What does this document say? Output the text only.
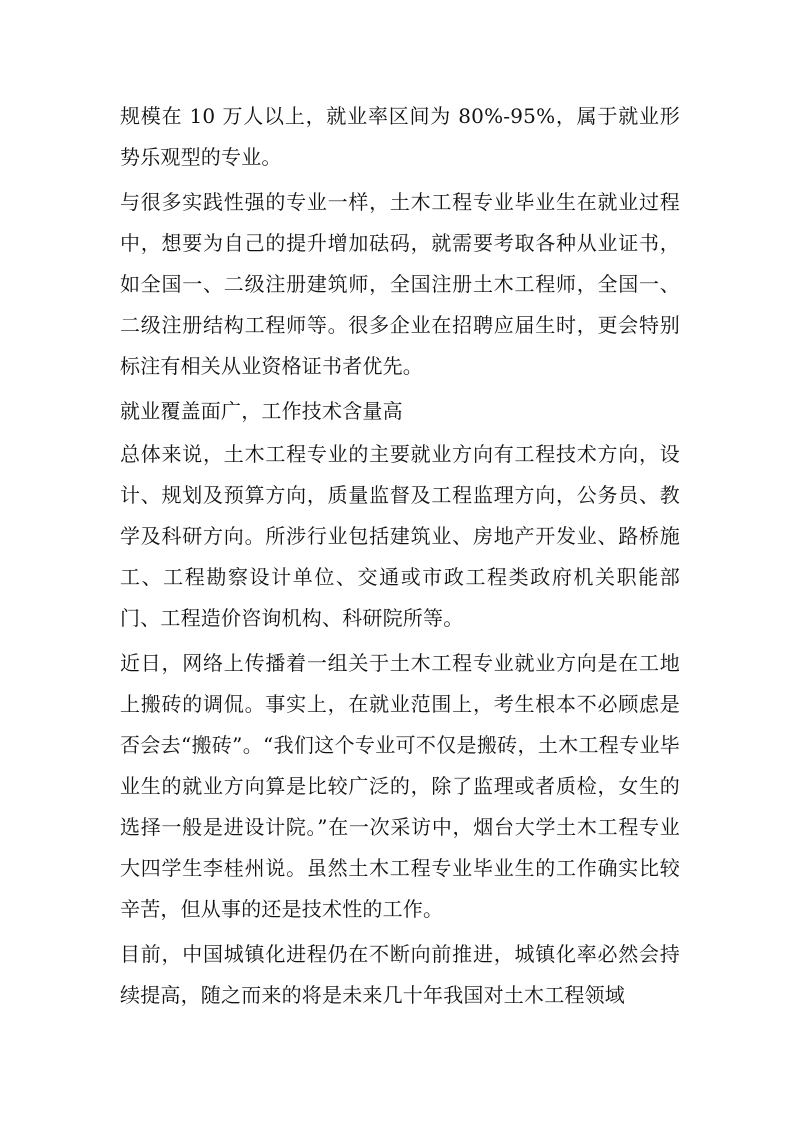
规模在 10 万人以上，就业率区间为 80%-95%，属于就业形势乐观型的专业。

与很多实践性强的专业一样，土木工程专业毕业生在就业过程中，想要为自己的提升增加砝码，就需要考取各种从业证书，如全国一、二级注册建筑师，全国注册土木工程师，全国一、二级注册结构工程师等。很多企业在招聘应届生时，更会特别标注有相关从业资格证书者优先。

就业覆盖面广，工作技术含量高

总体来说，土木工程专业的主要就业方向有工程技术方向，设计、规划及预算方向，质量监督及工程监理方向，公务员、教学及科研方向。所涉行业包括建筑业、房地产开发业、路桥施工、工程勘察设计单位、交通或市政工程类政府机关职能部门、工程造价咨询机构、科研院所等。

近日，网络上传播着一组关于土木工程专业就业方向是在工地上搬砖的调侃。事实上，在就业范围上，考生根本不必顾虑是否会去“搬砖”。“我们这个专业可不仅是搬砖，土木工程专业毕业生的就业方向算是比较广泛的，除了监理或者质检，女生的选择一般是进设计院。”在一次采访中，烟台大学土木工程专业大四学生李桂州说。虽然土木工程专业毕业生的工作确实比较辛苦，但从事的还是技术性的工作。

目前，中国城镇化进程仍在不断向前推进，城镇化率必然会持续提高，随之而来的将是未来几十年我国对土木工程领域
